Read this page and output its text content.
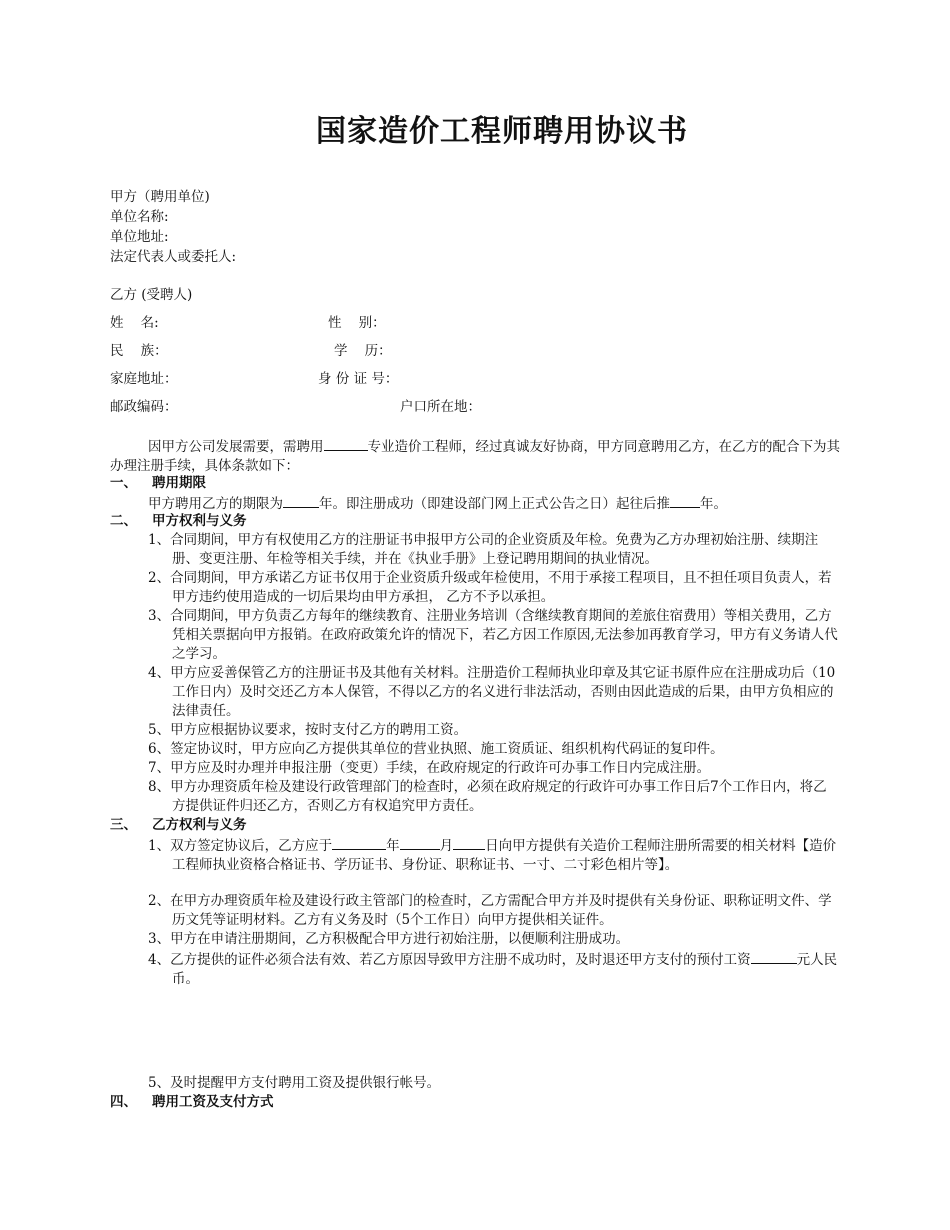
国家造价工程师聘用协议书
甲方（聘用单位)
单位名称:
单位地址:
法定代表人或委托人:
乙方 (受聘人)
姓    名:	性    别：
民    族：	学    历：
家庭地址：	身 份 证 号：
邮政编码：	户口所在地：
因甲方公司发展需要，需聘用	专业造价工程师，经过真诚友好协商，甲方同意聘用乙方，在乙方的配合下为其办理注册手续，具体条款如下：
一、 聘用期限
甲方聘用乙方的期限为	年。即注册成功（即建设部门网上正式公告之日）起往后推 年。
二、 甲方权利与义务
1、合同期间，甲方有权使用乙方的注册证书申报甲方公司的企业资质及年检。免费为乙方办理初始注册、续期注册、变更注册、年检等相关手续，并在《执业手册》上登记聘用期间的执业情况。
2、合同期间，甲方承诺乙方证书仅用于企业资质升级或年检使用，不用于承接工程项目，且不担任项目负责人，若甲方违约使用造成的一切后果均由甲方承担， 乙方不予以承担。
3、合同期间，甲方负责乙方每年的继续教育、注册业务培训（含继续教育期间的差旅住宿费用）等相关费用，乙方凭相关票据向甲方报销。在政府政策允许的情况下，若乙方因工作原因,无法参加再教育学习，甲方有义务请人代之学习。
4、甲方应妥善保管乙方的注册证书及其他有关材料。注册造价工程师执业印章及其它证书原件应在注册成功后（10工作日内）及时交还乙方本人保管，不得以乙方的名义进行非法活动，否则由因此造成的后果，由甲方负相应的法律责任。
5、甲方应根据协议要求，按时支付乙方的聘用工资。
6、签定协议时，甲方应向乙方提供其单位的营业执照、施工资质证、组织机构代码证的复印件。
7、甲方应及时办理并申报注册（变更）手续，在政府规定的行政许可办事工作日内完成注册。
8、甲方办理资质年检及建设行政管理部门的检查时，必须在政府规定的行政许可办事工作日后7个工作日内，将乙方提供证件归还乙方，否则乙方有权追究甲方责任。
三、 乙方权利与义务
1、双方签定协议后，乙方应于	年	月 日向甲方提供有关造价工程师注册所需要的相关材料【造价工程师执业资格合格证书、学历证书、身份证、职称证书、一寸、二寸彩色相片等】。
2、在甲方办理资质年检及建设行政主管部门的检查时，乙方需配合甲方并及时提供有关身份证、职称证明文件、学历文凭等证明材料。乙方有义务及时（5个工作日）向甲方提供相关证件。
3、甲方在申请注册期间，乙方积极配合甲方进行初始注册，以便顺利注册成功。
4、乙方提供的证件必须合法有效、若乙方原因导致甲方注册不成功时，及时退还甲方支付的预付工资	元人民币。
5、及时提醒甲方支付聘用工资及提供银行帐号。
四、 聘用工资及支付方式
